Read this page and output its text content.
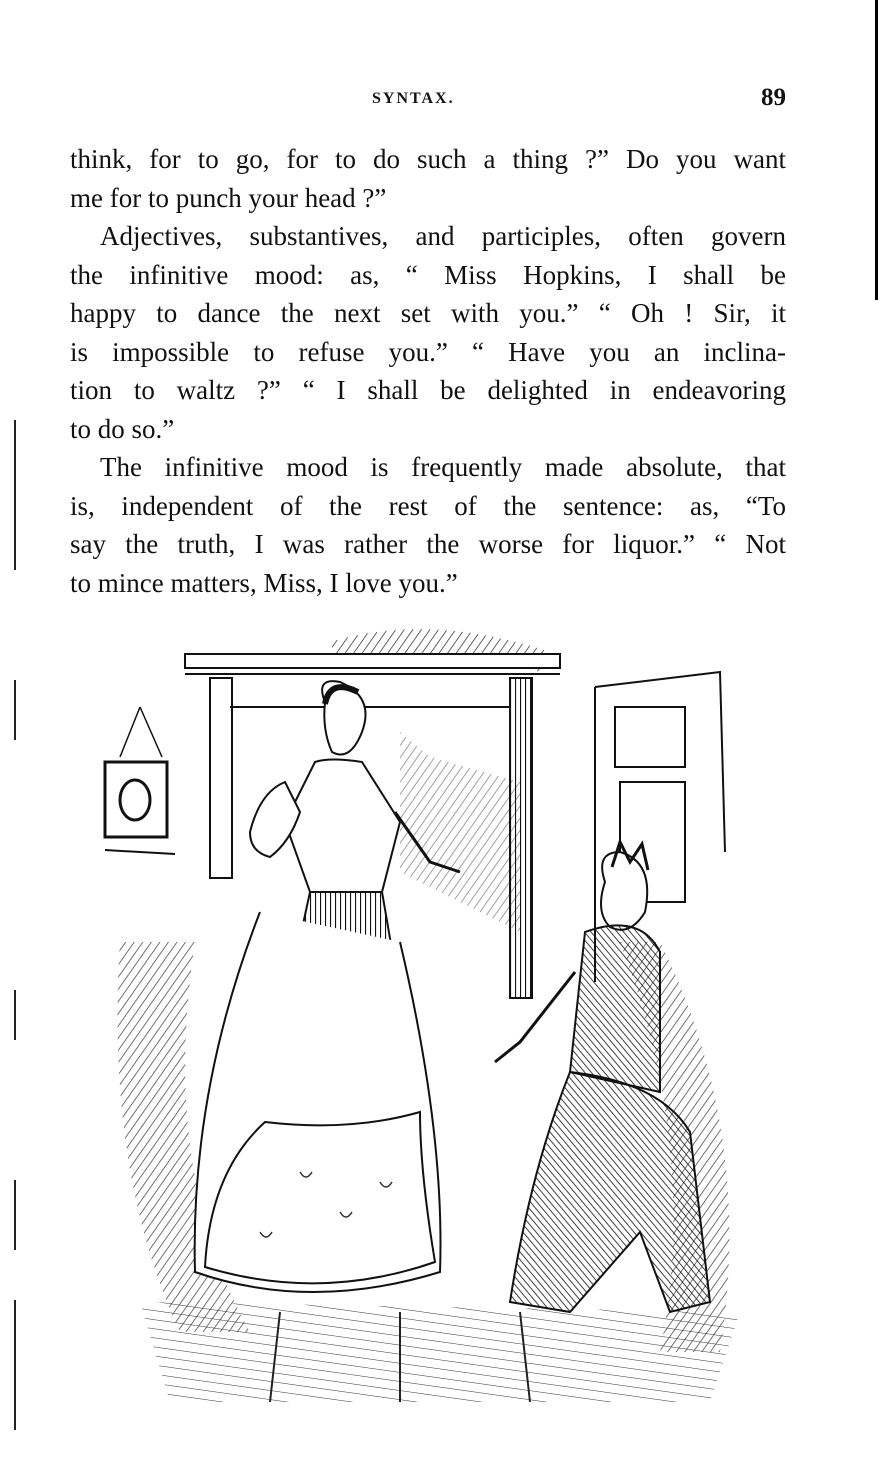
SYNTAX.	89
think, for to go, for to do such a thing ?” Do you want
me for to punch your head ?”
Adjectives, substantives, and participles, often govern
the infinitive mood: as, “ Miss Hopkins, I shall be
happy to dance the next set with you.” “ Oh ! Sir, it
is impossible to refuse you.” “ Have you an inclina-
tion to waltz ?” “ I shall be delighted in endeavoring
to do so.”
The infinitive mood is frequently made absolute, that
is, independent of the rest of the sentence: as, “To
say the truth, I was rather the worse for liquor.” “ Not
to mince matters, Miss, I love you.”
